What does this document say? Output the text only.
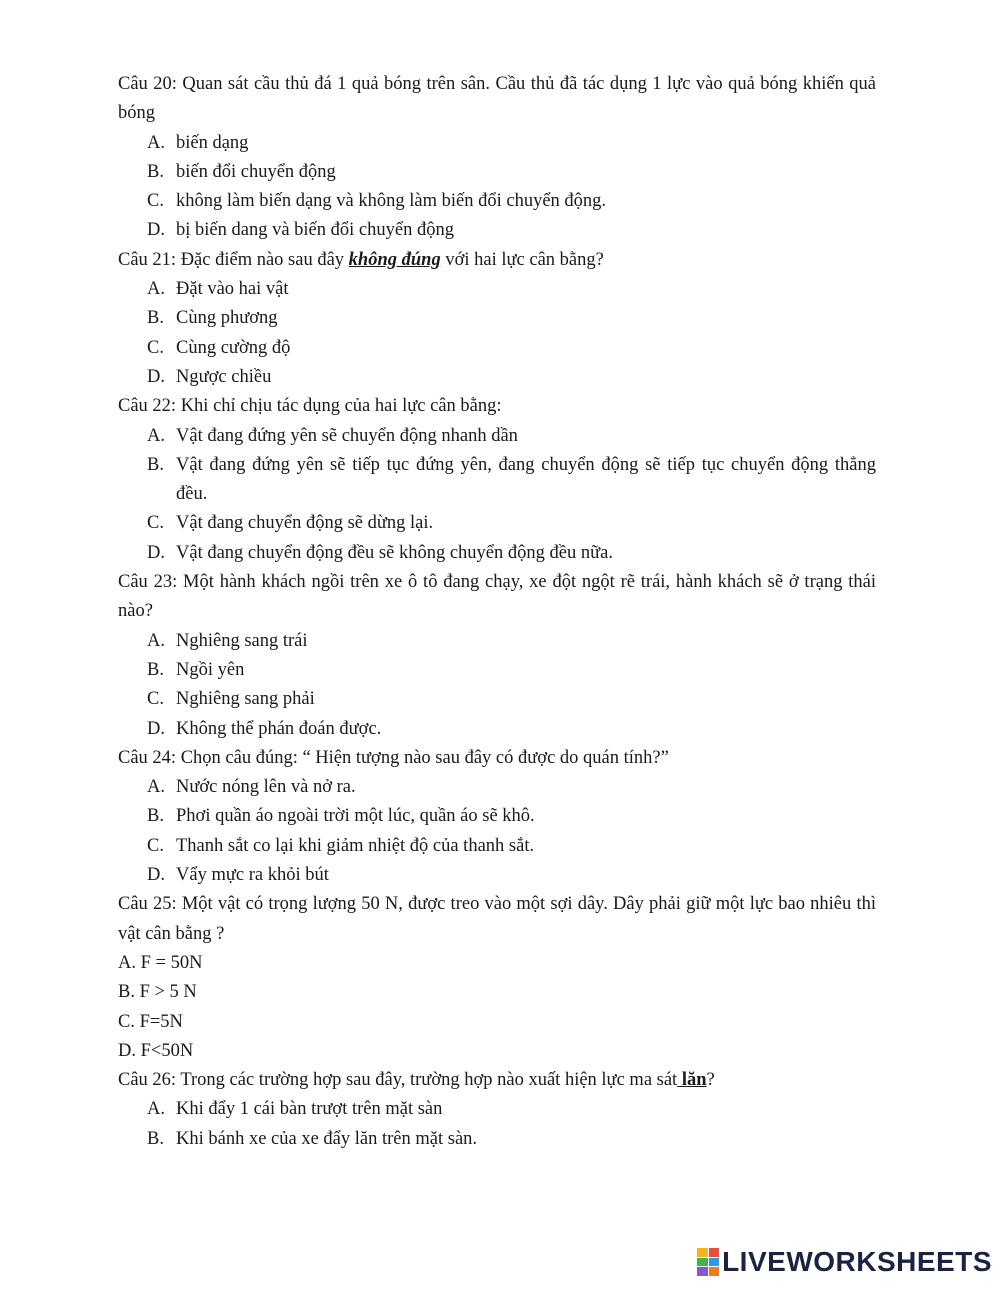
Câu 20: Quan sát cầu thủ đá 1 quả bóng trên sân. Cầu thủ đã tác dụng 1 lực vào quả bóng khiến quả bóng

A. biến dạng
B. biến đổi chuyển động
C. không làm biến dạng và không làm biến đổi chuyển động.
D. bị biến dang và biến đổi chuyển động

Câu 21: Đặc điểm nào sau đây không đúng với hai lực cân bằng?

A. Đặt vào hai vật
B. Cùng phương
C. Cùng cường độ
D. Ngược chiều

Câu 22: Khi chỉ chịu tác dụng của hai lực cân bằng:

A. Vật đang đứng yên sẽ chuyển động nhanh dần
B. Vật đang đứng yên sẽ tiếp tục đứng yên, đang chuyển động sẽ tiếp tục chuyển động thẳng đều.
C. Vật đang chuyển động sẽ dừng lại.
D. Vật đang chuyển động đều sẽ không chuyển động đều nữa.

Câu 23: Một hành khách ngồi trên xe ô tô đang chạy, xe đột ngột rẽ trái, hành khách sẽ ở trạng thái nào?

A. Nghiêng sang trái
B. Ngồi yên
C. Nghiêng sang phải
D. Không thể phán đoán được.

Câu 24: Chọn câu đúng: “ Hiện tượng nào sau đây có được do quán tính?”

A. Nước nóng lên và nở ra.
B. Phơi quần áo ngoài trời một lúc, quần áo sẽ khô.
C. Thanh sắt co lại khi giảm nhiệt độ của thanh sắt.
D. Vẩy mực ra khỏi bút

Câu 25: Một vật có trọng lượng 50 N, được treo vào một sợi dây. Dây phải giữ một lực bao nhiêu thì vật cân bằng ?

A. F = 50N

B. F > 5 N

C. F=5N

D. F<50N

Câu 26: Trong các trường hợp sau đây, trường hợp nào xuất hiện lực ma sát lăn?

A. Khi đẩy 1 cái bàn trượt trên mặt sàn
B. Khi bánh xe của xe đẩy lăn trên mặt sàn.
LIVEWORKSHEETS
